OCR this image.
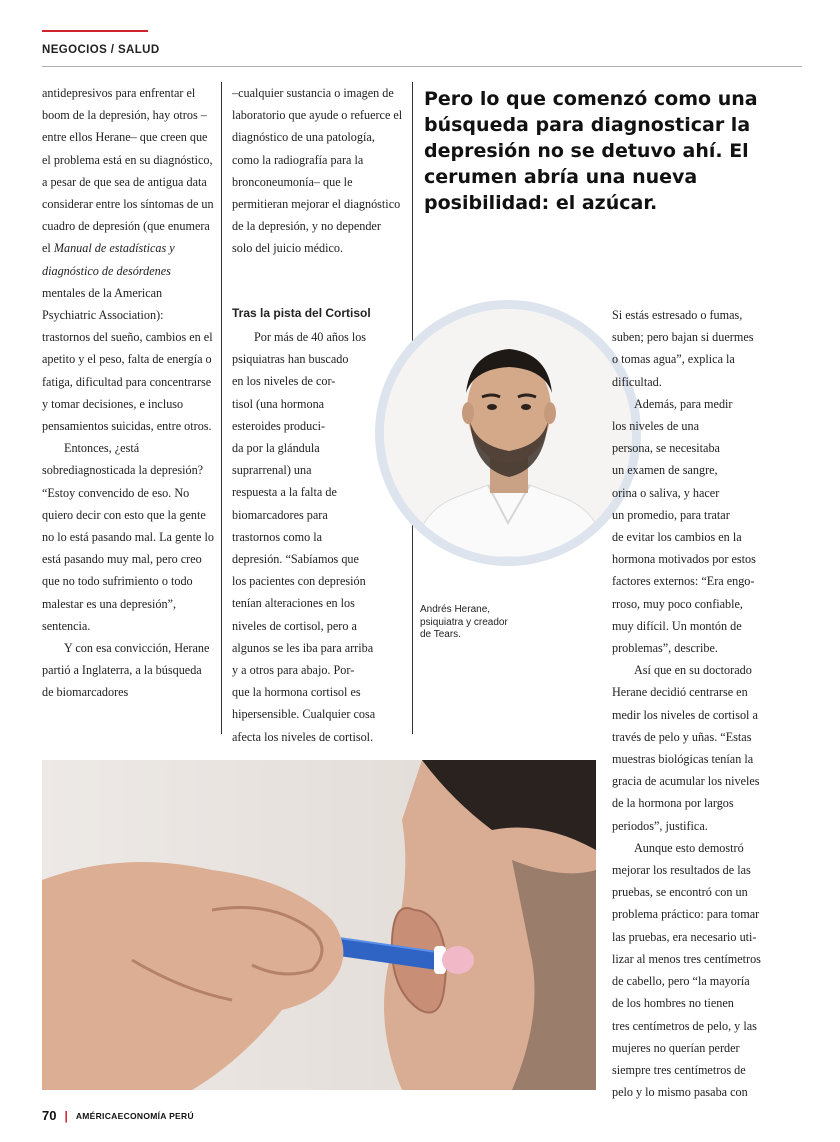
NEGOCIOS / SALUD

antidepresivos para enfrentar el boom de la depresión, hay otros –entre ellos Herane– que creen que el problema está en su diagnóstico, a pesar de que sea de antigua data considerar entre los síntomas de un cuadro de depresión (que enumera el Manual de estadísticas y diagnóstico de desórdenes mentales de la American Psychiatric Association): trastornos del sueño, cambios en el apetito y el peso, falta de energía o fatiga, dificultad para concentrarse y tomar decisiones, e incluso pensamientos suicidas, entre otros.

Entonces, ¿está sobrediagnosticada la depresión? “Estoy convencido de eso. No quiero decir con esto que la gente no lo está pasando mal. La gente lo está pasando muy mal, pero creo que no todo sufrimiento o todo malestar es una depresión”, sentencia.

Y con esa convicción, Herane partió a Inglaterra, a la búsqueda de biomarcadores

–cualquier sustancia o imagen de laboratorio que ayude o refuerce el diagnóstico de una patología, como la radiografía para la bronconeumonía– que le permitieran mejorar el diagnóstico de la depresión, y no depender solo del juicio médico.

Tras la pista del Cortisol

Por más de 40 años los
psiquiatras han buscado
en los niveles de cor-
tisol (una hormona
esteroides produci-
da por la glándula
suprarrenal) una
respuesta a la falta de
biomarcadores para
trastornos como la
depresión. “Sabíamos que
los pacientes con depresión
tenían alteraciones en los
niveles de cortisol, pero a
algunos se les iba para arriba
y a otros para abajo. Por-
que la hormona cortisol es
hipersensible. Cualquier cosa
afecta los niveles de cortisol.

Pero lo que comenzó como una búsqueda para diagnosticar la depresión no se detuvo ahí. El cerumen abría una nueva posibilidad: el azúcar.
Andrés Herane,
psiquiatra y creador
de Tears.

Si estás estresado o fumas,
suben; pero bajan si duermes
o tomas agua”, explica la
dificultad.
Además, para medir
los niveles de una
persona, se necesitaba
un examen de sangre,
orina o saliva, y hacer
un promedio, para tratar
de evitar los cambios en la
hormona motivados por estos
factores externos: “Era engo-
rroso, muy poco confiable,
muy difícil. Un montón de
problemas”, describe.
Así que en su doctorado
Herane decidió centrarse en
medir los niveles de cortisol a
través de pelo y uñas. “Estas
muestras biológicas tenían la
gracia de acumular los niveles
de la hormona por largos
periodos”, justifica.
Aunque esto demostró
mejorar los resultados de las
pruebas, se encontró con un
problema práctico: para tomar
las pruebas, era necesario uti-
lizar al menos tres centímetros
de cabello, pero “la mayoría
de los hombres no tienen
tres centímetros de pelo, y las
mujeres no querían perder
siempre tres centímetros de
pelo y lo mismo pasaba con

70 | AMÉRICAECONOMÍA PERÚ
